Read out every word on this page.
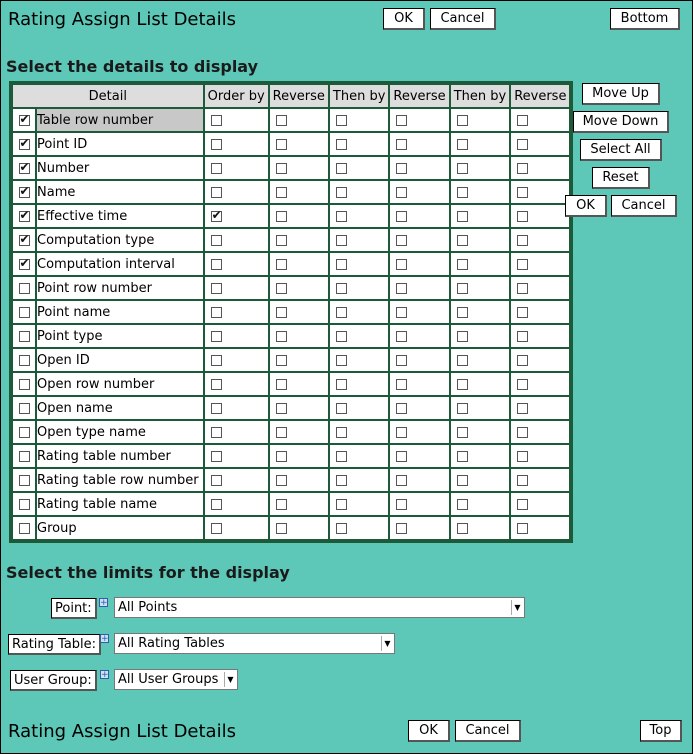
Rating Assign List Details	OK	Cancel	Bottom
Select the details to display
Detail		Order by	Reverse	Then by	Reverse	Then by	Reverse
✔	Table row number						
✔	Point ID						
✔	Number						
✔	Name						
✔	Effective time	✔					
✔	Computation type						
✔	Computation interval						
	Point row number						
	Point name						
	Point type						
	Open ID						
	Open row number						
	Open name						
	Open type name						
	Rating table number						
	Rating table row number						
	Rating table name						
	Group						
Move Up
Move Down
Select All
Reset
OK	Cancel
Select the limits for the display
Point: + All Points	▼
Rating Table: + All Rating Tables	▼
User Group:	+ All User Groups	▼
Rating Assign List Details	OK	Cancel	Top
